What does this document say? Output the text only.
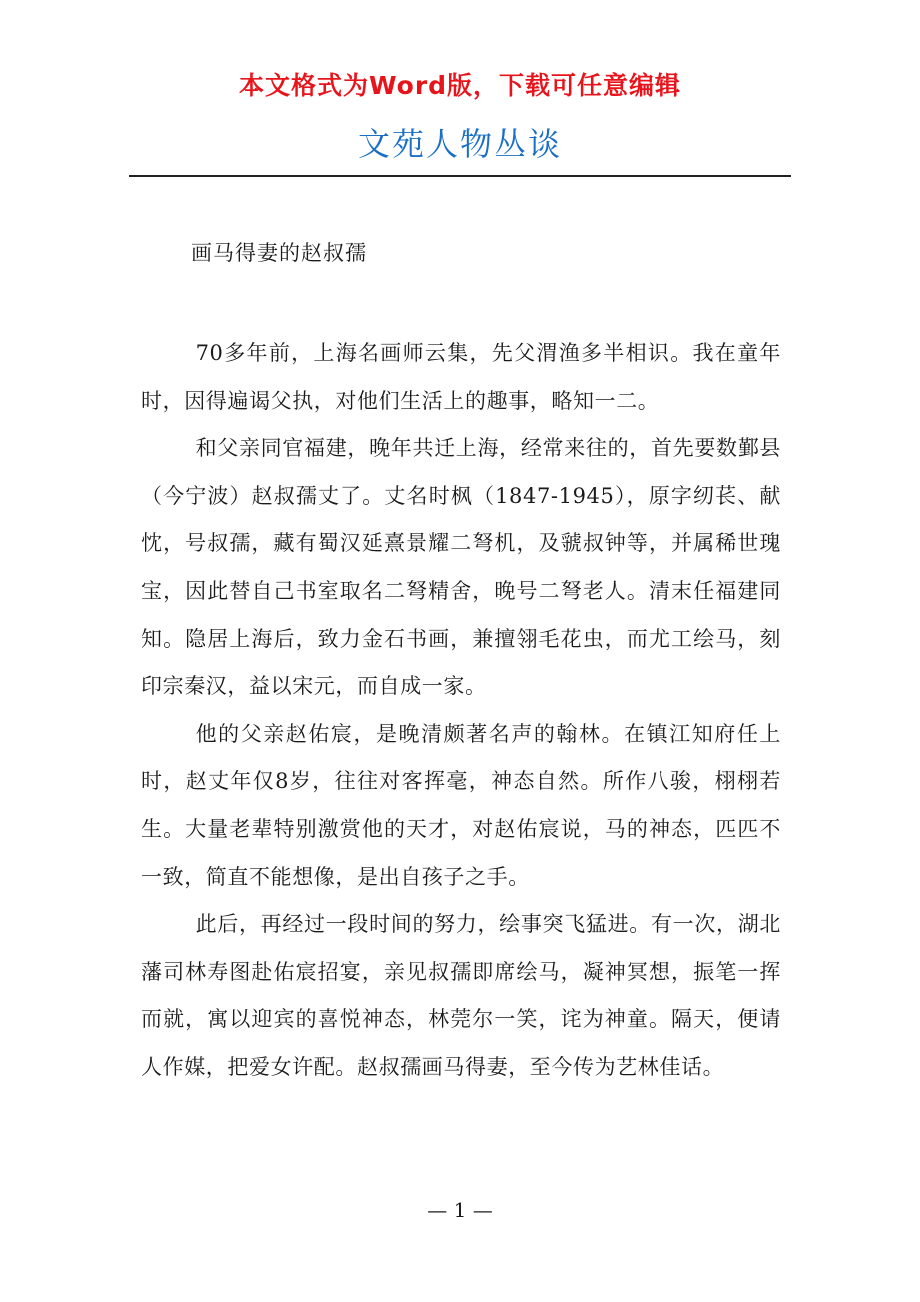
本文格式为Word版，下载可任意编辑
文苑人物丛谈
画马得妻的赵叔孺

70多年前，上海名画师云集，先父渭渔多半相识。我在童年时，因得遍谒父执，对他们生活上的趣事，略知一二。

和父亲同官福建，晚年共迁上海，经常来往的，首先要数鄞县（今宁波）赵叔孺丈了。丈名时枫（1847-1945），原字纫苌、献忱，号叔孺，藏有蜀汉延熹景耀二弩机，及虢叔钟等，并属稀世瑰宝，因此替自己书室取名二弩精舍，晚号二弩老人。清末任福建同知。隐居上海后，致力金石书画，兼擅翎毛花虫，而尤工绘马，刻印宗秦汉，益以宋元，而自成一家。

他的父亲赵佑宸，是晚清颇著名声的翰林。在镇江知府任上时，赵丈年仅8岁，往往对客挥毫，神态自然。所作八骏，栩栩若生。大量老辈特别激赏他的天才，对赵佑宸说，马的神态，匹匹不一致，简直不能想像，是出自孩子之手。

此后，再经过一段时间的努力，绘事突飞猛进。有一次，湖北藩司林寿图赴佑宸招宴，亲见叔孺即席绘马，凝神冥想，振笔一挥而就，寓以迎宾的喜悦神态，林莞尔一笑，诧为神童。隔天，便请人作媒，把爱女许配。赵叔孺画马得妻，至今传为艺林佳话。

— 1 —
